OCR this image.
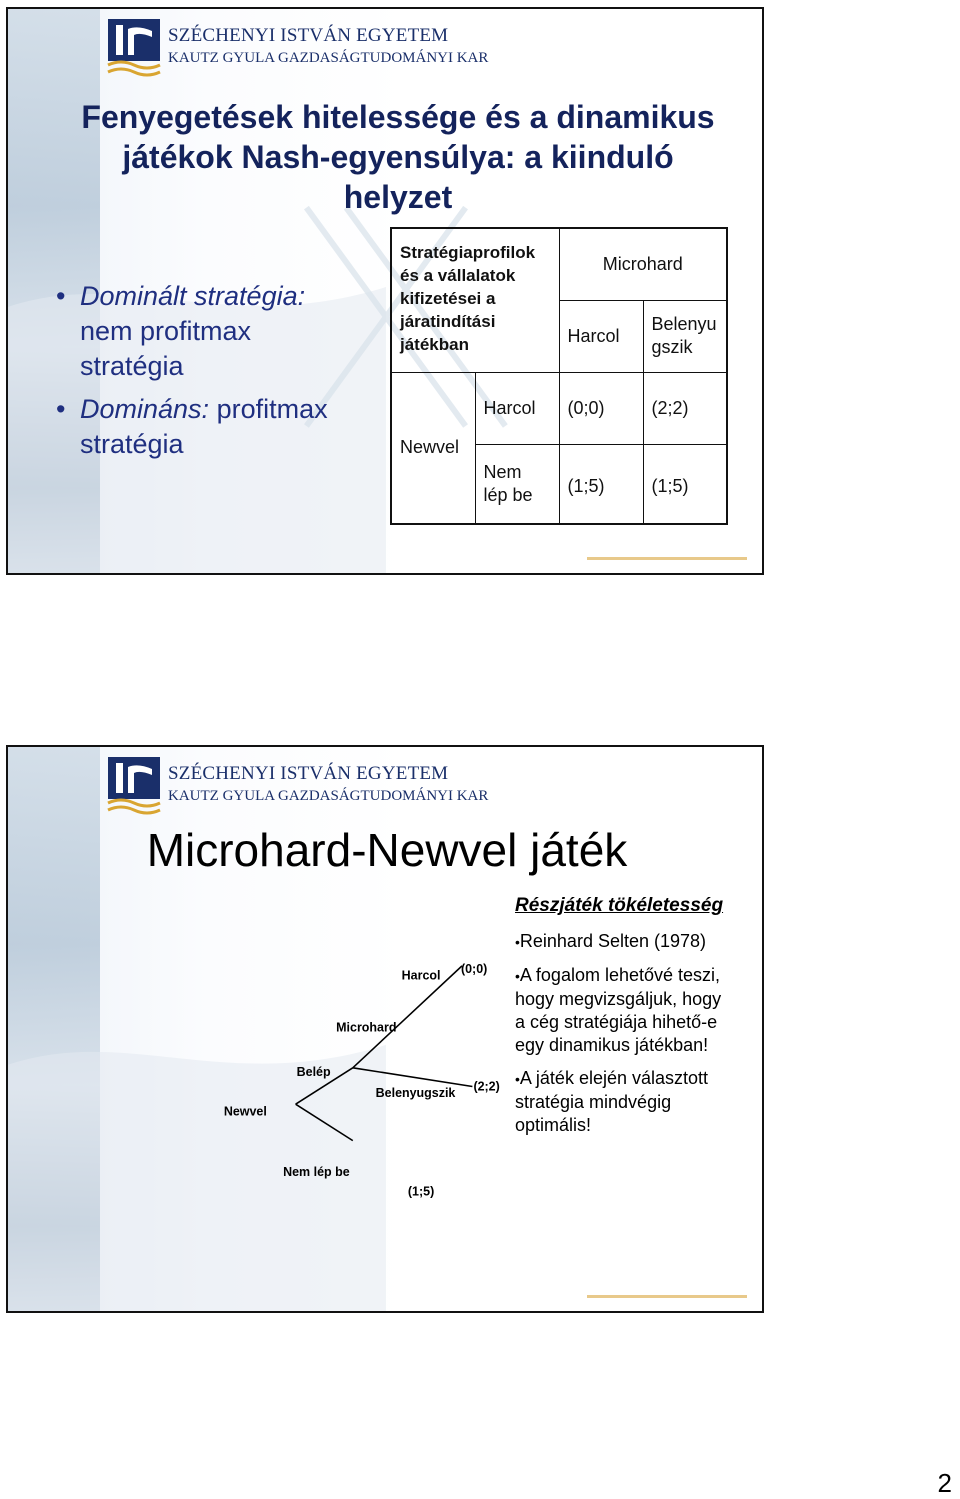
SZÉCHENYI ISTVÁN EGYETEM
KAUTZ GYULA GAZDASÁGTUDOMÁNYI KAR
Fenyegetések hitelessége és a dinamikus
játékok Nash-egyensúlya: a kiinduló
helyzet
• Dominált stratégia:
nem profitmax
stratégia
• Domináns: profitmax
stratégia
Stratégiaprofilok
és a vállalatok
kifizetései a
járatindítási
játékban		Microhard	
		Harcol	Belenyu
gszik

Newvel	Harcol	(0;0)	(2;2)

	Nem
lép be	(1;5)	(1;5)
SZÉCHENYI ISTVÁN EGYETEM
KAUTZ GYULA GAZDASÁGTUDOMÁNYI KAR
Microhard-Newvel játék
Newvel
Belép
Nem lép be
Microhard
Harcol
Belenyugszik
(0;0)
(2;2)
(1;5)
Részjáték tökéletesség
•Reinhard Selten (1978)
•A fogalom lehetővé teszi,
hogy megvizsgáljuk, hogy
a cég stratégiája hihető-e
egy dinamikus játékban!
•A játék elején választott
stratégia mindvégig
optimális!
2
